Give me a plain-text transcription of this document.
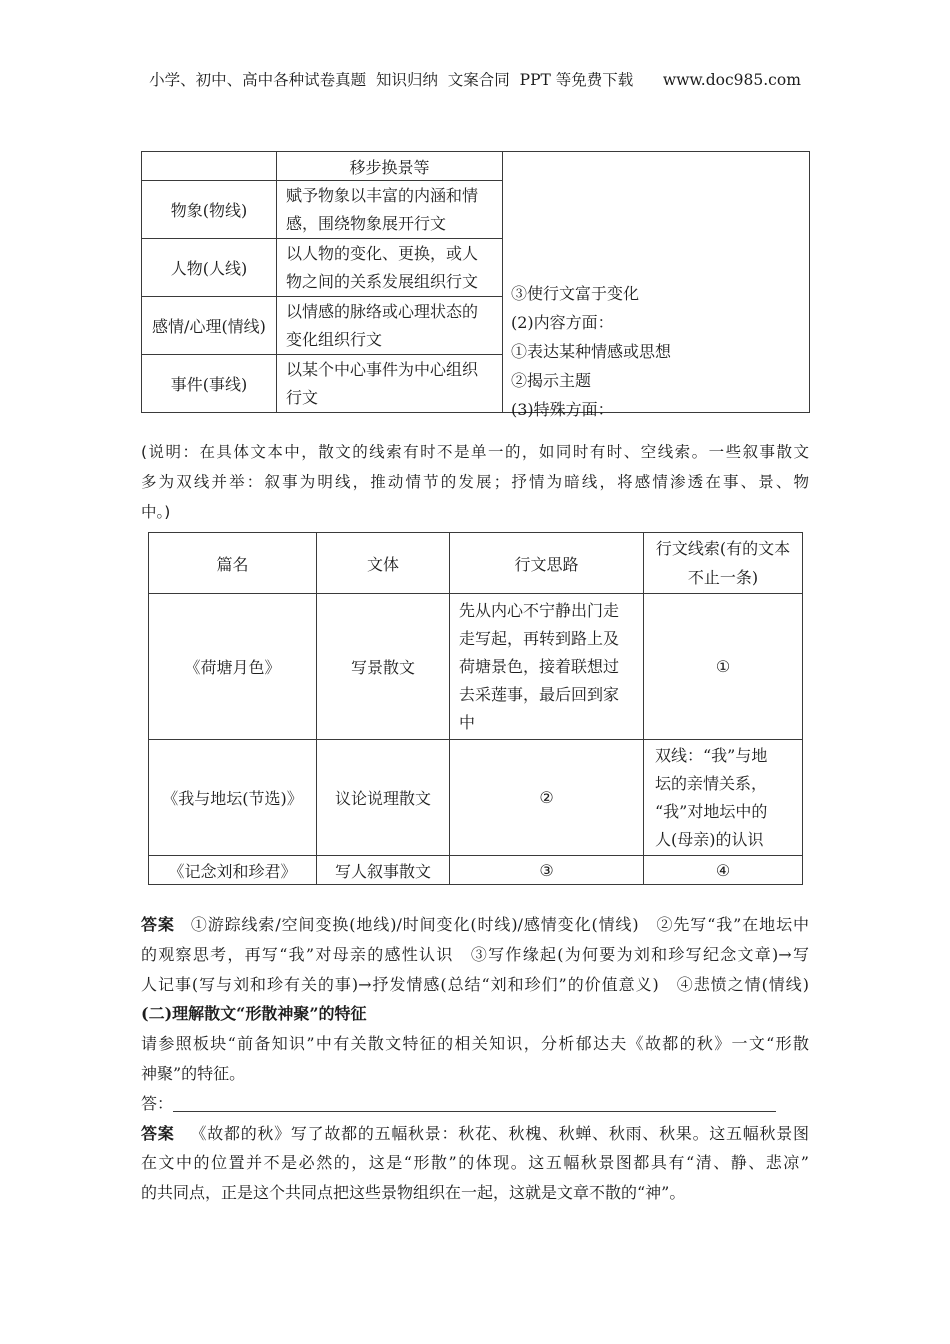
小学、初中、高中各种试卷真题  知识归纳  文案合同  PPT 等免费下载      www.doc985.com
	移步换景等	③使行文富于变化
(2)内容方面：
①表达某种情感或思想
②揭示主题
(3)特殊方面：

物象(物线)	赋予物象以丰富的内涵和情
感，围绕物象展开行文	

人物(人线)	以人物的变化、更换，或人
物之间的关系发展组织行文	

感情/心理(情线)	以情感的脉络或心理状态的
变化组织行文	

事件(事线)	以某个中心事件为中心组织
行文	
(说明：在具体文本中，散文的线索有时不是单一的，如同时有时、空线索。一些叙事散文
多为双线并举：叙事为明线，推动情节的发展；抒情为暗线，将感情渗透在事、景、物
中。)
篇名	文体	行文思路	行文线索(有的文本
不止一条)

《荷塘月色》	写景散文	先从内心不宁静出门走
走写起，再转到路上及
荷塘景色，接着联想过
去采莲事，最后回到家
中	①
《我与地坛(节选)》	议论说理散文	②	双线：“我”与地
坛的亲情关系，
“我”对地坛中的
人(母亲)的认识

《记念刘和珍君》	写人叙事散文	③	④
答案 ①游踪线索/空间变换(地线)/时间变化(时线)/感情变化(情线)　②先写“我”在地坛中
的观察思考，再写“我”对母亲的感性认识　③写作缘起(为何要为刘和珍写纪念文章)→写
人记事(写与刘和珍有关的事)→抒发情感(总结“刘和珍们”的价值意义)　④悲愤之情(情线)
(二)理解散文“形散神聚”的特征
请参照板块“前备知识”中有关散文特征的相关知识，分析郁达夫《故都的秋》一文“形散
神聚”的特征。
答：
答案 《故都的秋》写了故都的五幅秋景：秋花、秋槐、秋蝉、秋雨、秋果。这五幅秋景图
在文中的位置并不是必然的，这是“形散”的体现。这五幅秋景图都具有“清、静、悲凉”
的共同点，正是这个共同点把这些景物组织在一起，这就是文章不散的“神”。
